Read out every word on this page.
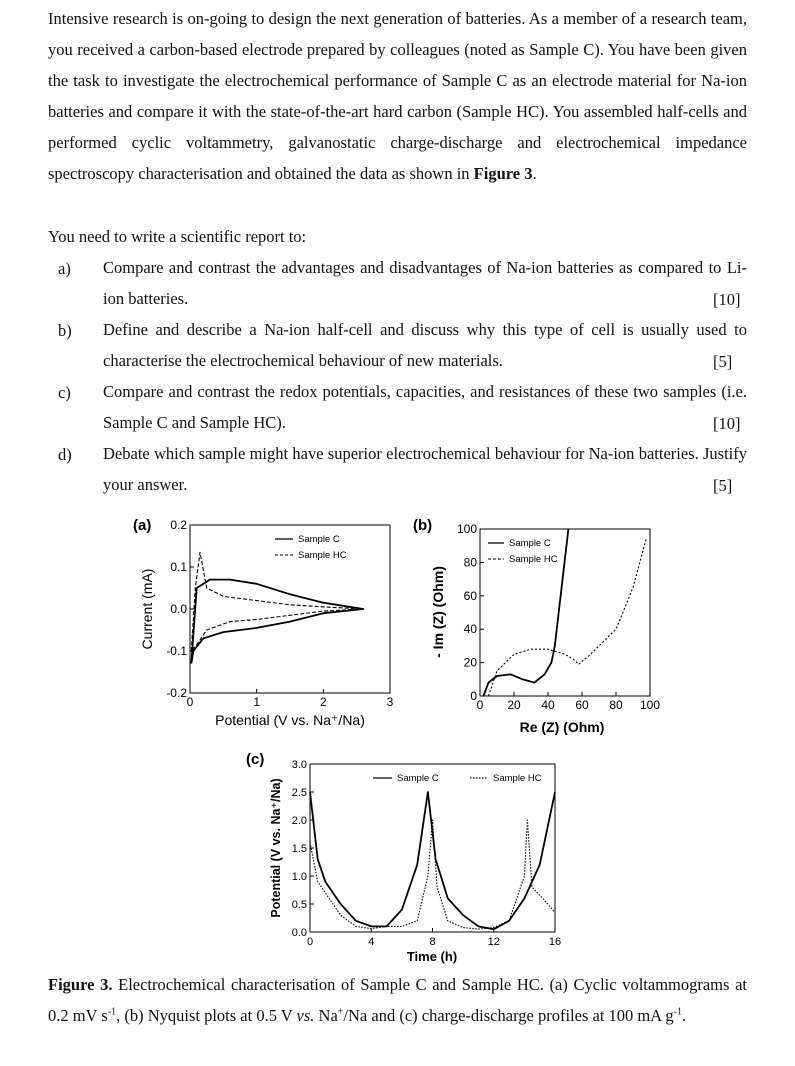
Intensive research is on-going to design the next generation of batteries. As a member of a research team, you received a carbon-based electrode prepared by colleagues (noted as Sample C). You have been given the task to investigate the electrochemical performance of Sample C as an electrode material for Na-ion batteries and compare it with the state-of-the-art hard carbon (Sample HC). You assembled half-cells and performed cyclic voltammetry, galvanostatic charge-discharge and electrochemical impedance spectroscopy characterisation and obtained the data as shown in Figure 3.

You need to write a scientific report to:

a) Compare and contrast the advantages and disadvantages of Na-ion batteries as compared to Li-ion batteries.	[10]
b) Define and describe a Na-ion half-cell and discuss why this type of cell is usually used to characterise the electrochemical behaviour of new materials.	[5]
c) Compare and contrast the redox potentials, capacities, and resistances of these two samples (i.e. Sample C and Sample HC).	[10]
d) Debate which sample might have superior electrochemical behaviour for Na-ion batteries. Justify your answer.	[5]
(a)
0	1	2	3
0.2
0.1
0.0
-0.1
-0.2
Sample C
Sample HC
Potential (V vs. Na⁺/Na)
Current (mA)
(b)
0 20 40 60 80 100
100
80
60
40
20
0
Sample C
Sample HC
Re (Z) (Ohm)
- Im (Z) (Ohm)
(c)
0	4	8	12	16
3.0
2.5
2.0
1.5
1.0
0.5
0.0
Sample C	Sample HC
Time (h)
Potential (V vs. Na⁺/Na)

Figure 3. Electrochemical characterisation of Sample C and Sample HC. (a) Cyclic voltammograms at 0.2 mV $s^{-1}$, (b) Nyquist plots at 0.5 V vs. Na+/Na and (c) charge-discharge profiles at 100 mA $g^{-1}$.
